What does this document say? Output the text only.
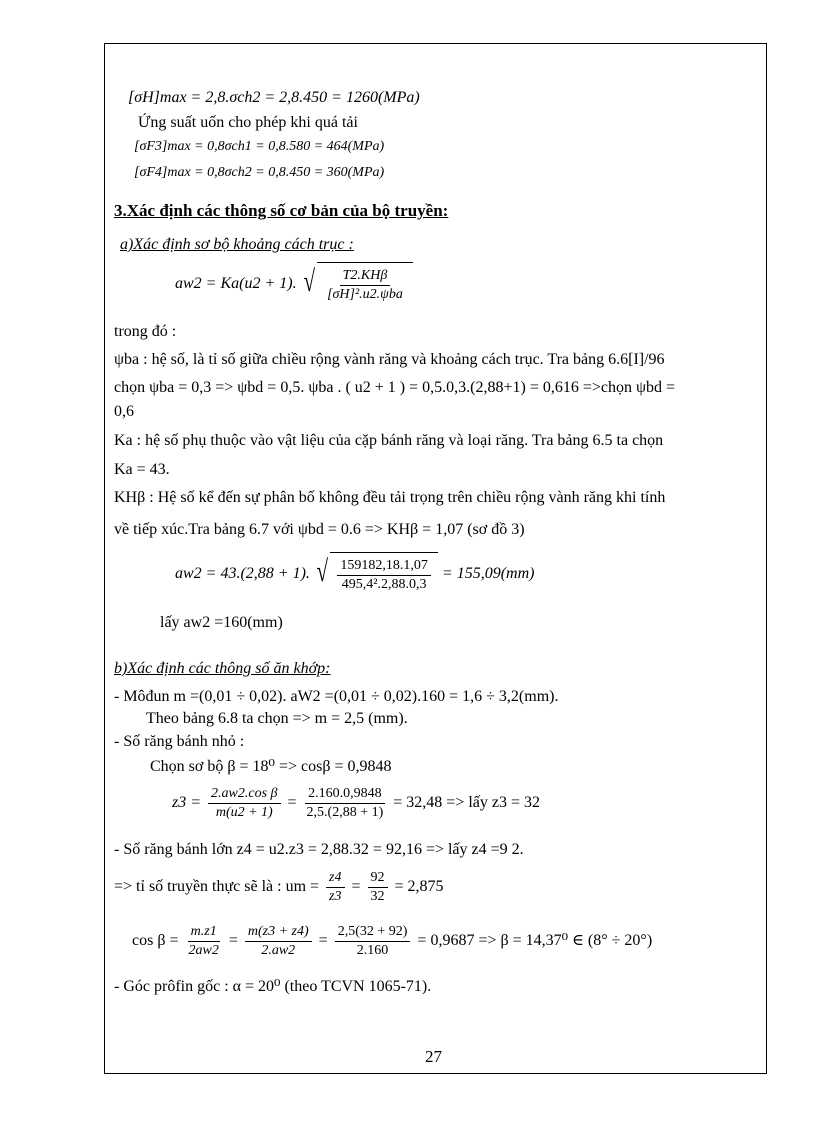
[σH]max = 2,8.σch2 = 2,8.450 = 1260(MPa)
Ứng suất uốn cho phép khi quá tải
[σF3]max = 0,8σch1 = 0,8.580 = 464(MPa)
[σF4]max = 0,8σch2 = 0,8.450 = 360(MPa)
3.Xác định các thông số cơ bản của bộ truyền:
a)Xác định sơ bộ khoảng cách trục :
aw2 = Ka(u2 + 1). √ $\frac{\text{T2.KHβ}}{\text{[σH]².u2.ψba}}$
trong đó :
ψba : hệ số, là tỉ số giữa chiều rộng vành răng và khoảng cách trục. Tra bảng 6.6[I]/96
chọn ψba = 0,3 => ψbd = 0,5. ψba . ( u2 + 1 ) = 0,5.0,3.(2,88+1) = 0,616 =>chọn ψbd =
0,6
Ka : hệ số phụ thuộc vào vật liệu của cặp bánh răng và loại răng. Tra bảng 6.5 ta chọn
Ka = 43.
KHβ : Hệ số kể đến sự phân bố không đều tải trọng trên chiều rộng vành răng khi tính
về tiếp xúc.Tra bảng 6.7 với ψbd = 0.6 => KHβ = 1,07 (sơ đồ 3)
aw2 = 43.(2,88 + 1). √ $\frac{159182,18.1,07}{\text{495,4².2,88.0,3}} = 155,09(mm)$
lấy aw2 =160(mm)
b)Xác định các thông số ăn khớp:
- Môđun m =(0,01 ÷ 0,02). aW2 =(0,01 ÷ 0,02).160 = 1,6 ÷ 3,2(mm).
Theo bảng 6.8 ta chọn => m = 2,5 (mm).
- Số răng bánh nhỏ :
Chọn sơ bộ β = 18⁰ => cosβ = 0,9848
$z3 = \frac{\text{2.aw2.cos β}}{m(u2 + 1)} = \frac{2.160.0,9848}{2,5.(2,88 + 1)} = 32,48$ => lấy z3 = 32
- Số răng bánh lớn z4 = u2.z3 = 2,88.32 = 92,16 => lấy z4 =9 2.
=> tỉ số truyền thực sẽ là : um = $\frac{z4}{z3} = \frac{92}{32} = 2,875$
$\cos \beta = \frac{m.z1}{2aw2} = \frac{m(z3 + z4)}{2.aw2} = \frac{2,5(32 + 92)}{2.160} = 0,9687 => \beta = 14,37^0$ ∈ (8° ÷ 20°)
- Góc prôfin gốc : α = 20⁰ (theo TCVN 1065-71).
27
